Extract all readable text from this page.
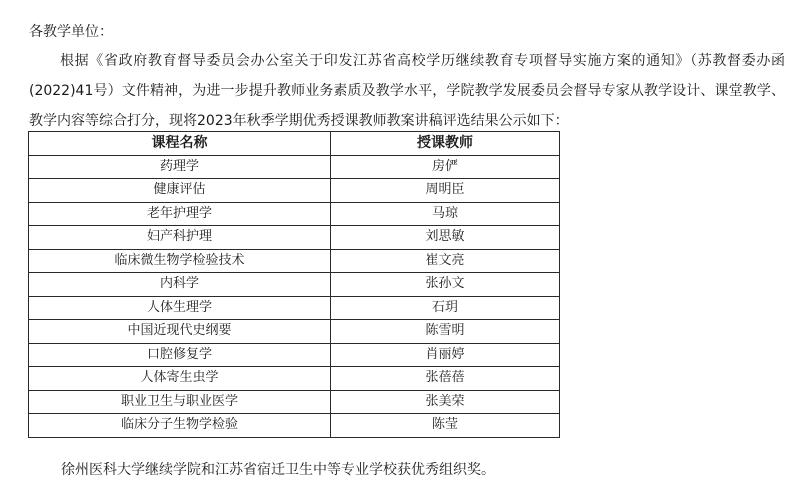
各教学单位：

根据《省政府教育督导委员会办公室关于印发江苏省高校学历继续教育专项督导实施方案的通知》（苏教督委办函(2022)41号）文件精神，为进一步提升教师业务素质及教学水平，学院教学发展委员会督导专家从教学设计、课堂教学、教学内容等综合打分，现将2023年秋季学期优秀授课教师教案讲稿评选结果公示如下：

课程名称	授课教师
药理学	房俨
健康评估	周明臣
老年护理学	马琼
妇产科护理	刘思敏
临床微生物学检验技术	崔文亮
内科学	张孙文
人体生理学	石玥
中国近现代史纲要	陈雪明
口腔修复学	肖丽婷
人体寄生虫学	张蓓蓓
职业卫生与职业医学	张美荣
临床分子生物学检验	陈莹
徐州医科大学继续学院和江苏省宿迁卫生中等专业学校获优秀组织奖。
